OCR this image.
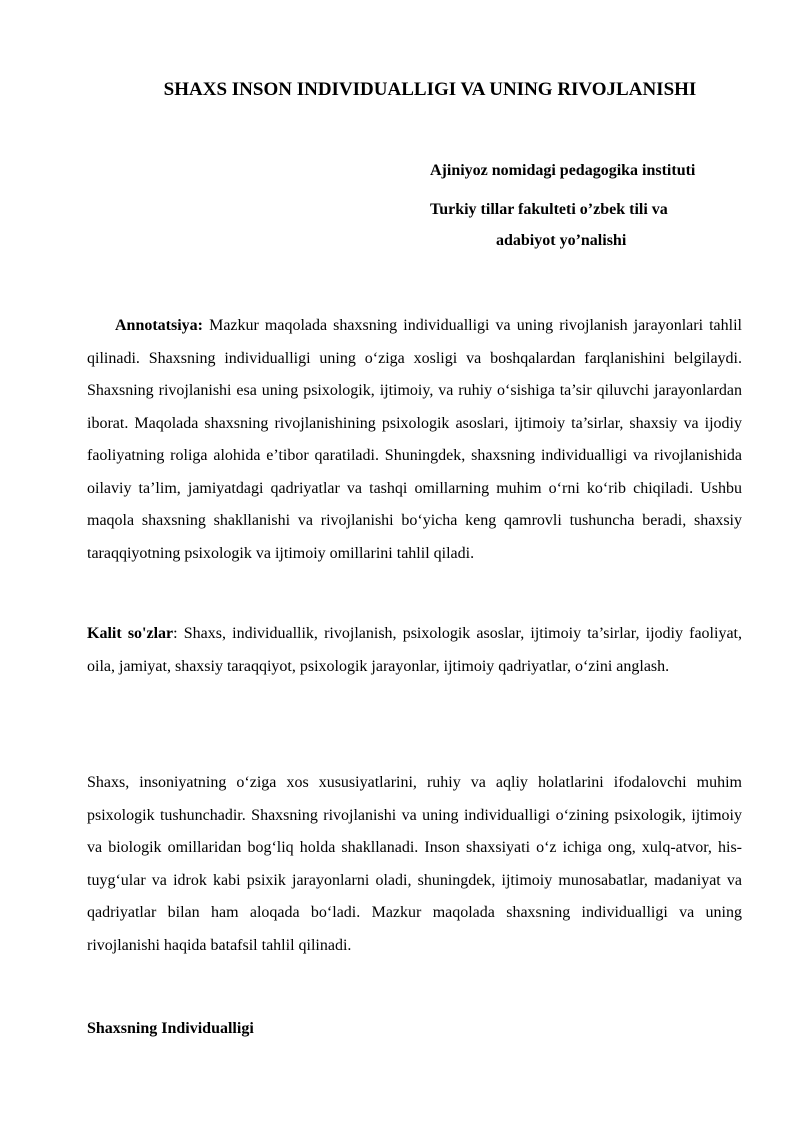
SHAXS INSON INDIVIDUALLIGI VA UNING RIVOJLANISHI
Ajiniyoz nomidagi pedagogika instituti
Turkiy tillar fakulteti o’zbek tili va
adabiyot yo’nalishi
Annotatsiya: Mazkur maqolada shaxsning individualligi va uning rivojlanish jarayonlari tahlil qilinadi. Shaxsning individualligi uning o‘ziga xosligi va boshqalardan farqlanishini belgilaydi. Shaxsning rivojlanishi esa uning psixologik, ijtimoiy, va ruhiy o‘sishiga ta’sir qiluvchi jarayonlardan iborat. Maqolada shaxsning rivojlanishining psixologik asoslari, ijtimoiy ta’sirlar, shaxsiy va ijodiy faoliyatning roliga alohida e’tibor qaratiladi. Shuningdek, shaxsning individualligi va rivojlanishida oilaviy ta’lim, jamiyatdagi qadriyatlar va tashqi omillarning muhim o‘rni ko‘rib chiqiladi. Ushbu maqola shaxsning shakllanishi va rivojlanishi bo‘yicha keng qamrovli tushuncha beradi, shaxsiy taraqqiyotning psixologik va ijtimoiy omillarini tahlil qiladi.
Kalit so'zlar: Shaxs, individuallik, rivojlanish, psixologik asoslar, ijtimoiy ta’sirlar, ijodiy faoliyat, oila, jamiyat, shaxsiy taraqqiyot, psixologik jarayonlar, ijtimoiy qadriyatlar, o‘zini anglash.
Shaxs, insoniyatning o‘ziga xos xususiyatlarini, ruhiy va aqliy holatlarini ifodalovchi muhim psixologik tushunchadir. Shaxsning rivojlanishi va uning individualligi o‘zining psixologik, ijtimoiy va biologik omillaridan bog‘liq holda shakllanadi. Inson shaxsiyati o‘z ichiga ong, xulq-atvor, his-tuyg‘ular va idrok kabi psixik jarayonlarni oladi, shuningdek, ijtimoiy munosabatlar, madaniyat va qadriyatlar bilan ham aloqada bo‘ladi. Mazkur maqolada shaxsning individualligi va uning rivojlanishi haqida batafsil tahlil qilinadi.
Shaxsning Individualligi
